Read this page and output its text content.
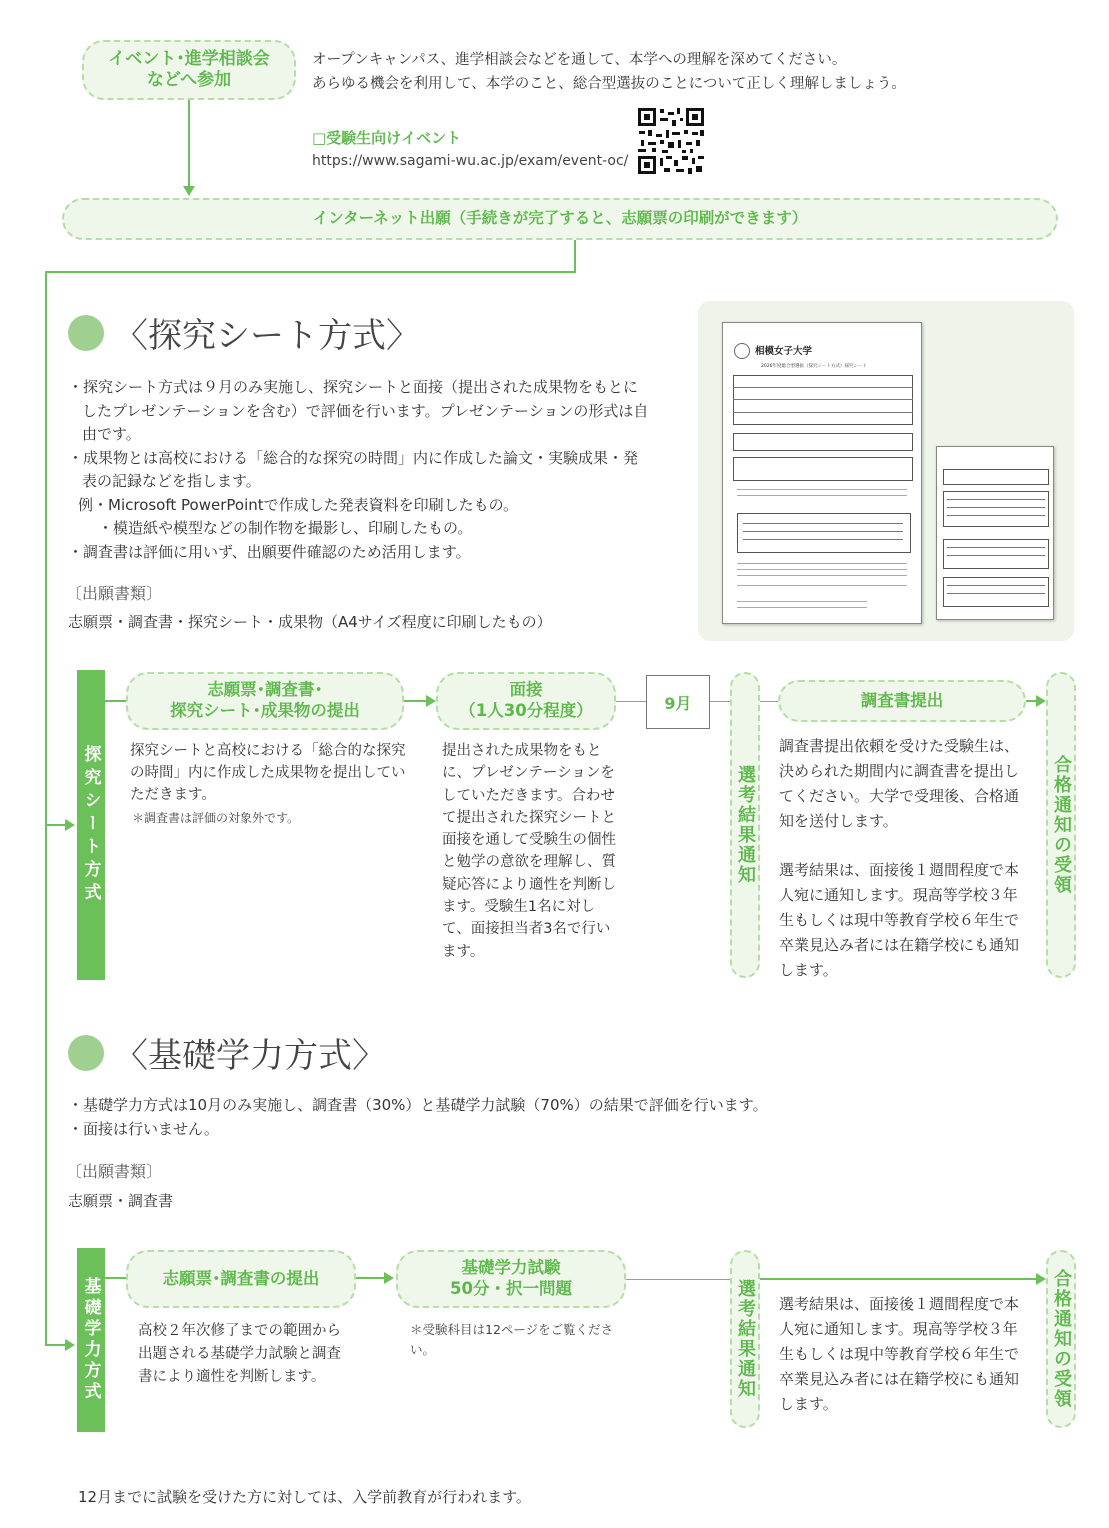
イベント･進学相談会
などへ参加
オープンキャンパス、進学相談会などを通して、本学への理解を深めてください。
あらゆる機会を利用して、本学のこと、総合型選抜のことについて正しく理解しましょう。
□受験生向けイベント
https://www.sagami-wu.ac.jp/exam/event-oc/
インターネット出願（手続きが完了すると、志願票の印刷ができます）
〈探究シート方式〉
・探究シート方式は９月のみ実施し、探究シートと面接（提出された成果物をもとにしたプレゼンテーションを含む）で評価を行います。プレゼンテーションの形式は自由です。
・成果物とは高校における「総合的な探究の時間」内に作成した論文・実験成果・発表の記録などを指します。
例・Microsoft PowerPointで作成した発表資料を印刷したもの。
・模造紙や模型などの制作物を撮影し、印刷したもの。
・調査書は評価に用いず、出願要件確認のため活用します。
〔出願書類〕
志願票・調査書・探究シート・成果物（A4サイズ程度に印刷したもの）
相模女子大学
2026年度総合型選抜（探究シート方式）探究シート
探究シート方式
志願票･調査書･
探究シート･成果物の提出
面接
（1人30分程度）	9月
選考結果通知
調査書提出
合格通知の受領
探究シートと高校における「総合的な探究の時間」内に作成した成果物を提出していただきます。
＊調査書は評価の対象外です。
提出された成果物をもとに、プレゼンテーションをしていただきます。合わせて提出された探究シートと面接を通して受験生の個性と勉学の意欲を理解し、質疑応答により適性を判断します。受験生1名に対して、面接担当者3名で行います。
調査書提出依頼を受けた受験生は、決められた期間内に調査書を提出してください。大学で受理後、合格通知を送付します。
選考結果は、面接後１週間程度で本人宛に通知します。現高等学校３年生もしくは現中等教育学校６年生で卒業見込み者には在籍学校にも通知します。
〈基礎学力方式〉
・基礎学力方式は10月のみ実施し、調査書（30%）と基礎学力試験（70%）の結果で評価を行います。
・面接は行いません。
〔出願書類〕
志願票・調査書
基礎学力方式	志願票･調査書の提出
基礎学力試験
50分・択一問題	選考結果通知	合格通知の受領
高校２年次修了までの範囲から出題される基礎学力試験と調査書により適性を判断します。
＊受験科目は12ページをご覧ください。
選考結果は、面接後１週間程度で本人宛に通知します。現高等学校３年生もしくは現中等教育学校６年生で卒業見込み者には在籍学校にも通知します。
12月までに試験を受けた方に対しては、入学前教育が行われます。
